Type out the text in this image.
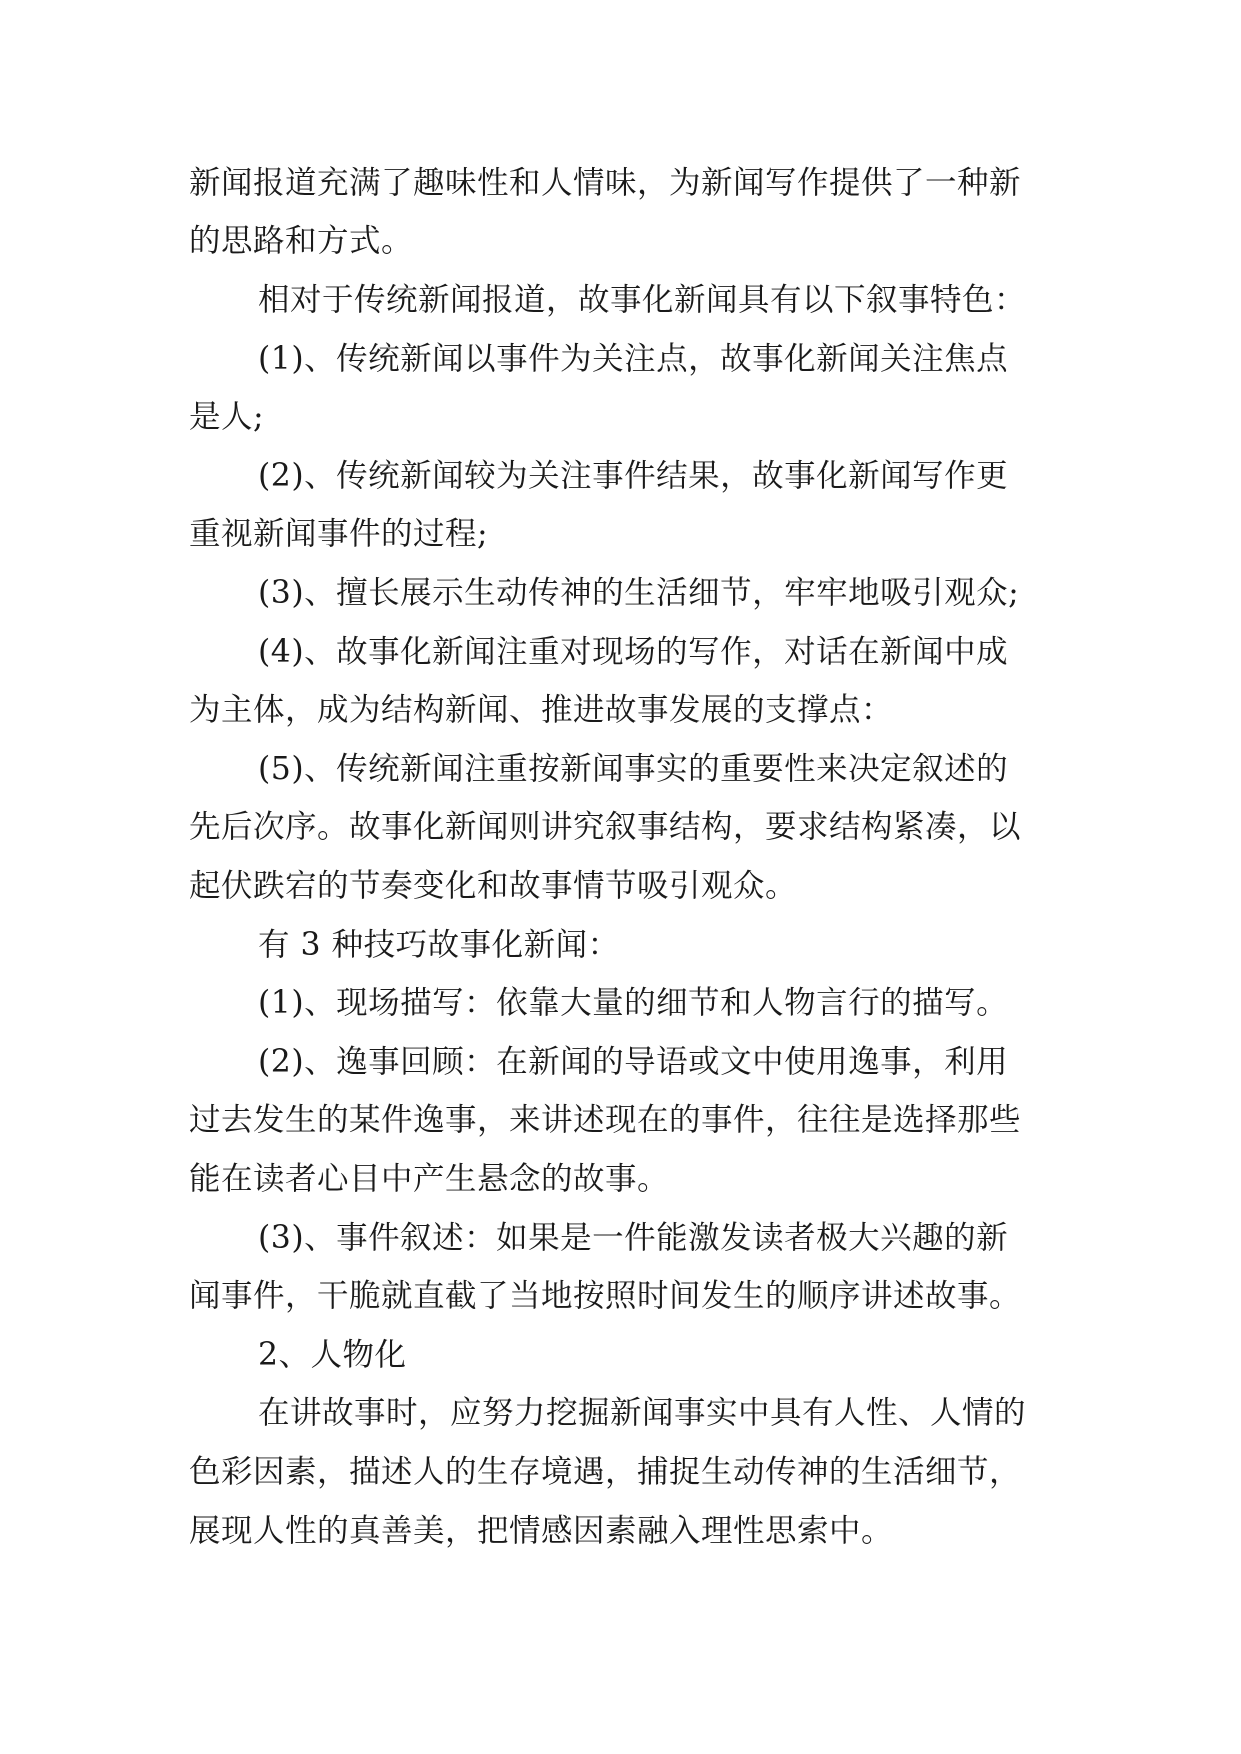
新闻报道充满了趣味性和人情味，为新闻写作提供了一种新
的思路和方式。
相对于传统新闻报道，故事化新闻具有以下叙事特色：
(1)、传统新闻以事件为关注点，故事化新闻关注焦点
是人;
(2)、传统新闻较为关注事件结果，故事化新闻写作更
重视新闻事件的过程;
(3)、擅长展示生动传神的生活细节，牢牢地吸引观众;
(4)、故事化新闻注重对现场的写作，对话在新闻中成
为主体，成为结构新闻、推进故事发展的支撑点：
(5)、传统新闻注重按新闻事实的重要性来决定叙述的
先后次序。故事化新闻则讲究叙事结构，要求结构紧凑，以
起伏跌宕的节奏变化和故事情节吸引观众。
有 3 种技巧故事化新闻：
(1)、现场描写：依靠大量的细节和人物言行的描写。
(2)、逸事回顾：在新闻的导语或文中使用逸事，利用
过去发生的某件逸事，来讲述现在的事件，往往是选择那些
能在读者心目中产生悬念的故事。
(3)、事件叙述：如果是一件能激发读者极大兴趣的新
闻事件，干脆就直截了当地按照时间发生的顺序讲述故事。
2、人物化
在讲故事时，应努力挖掘新闻事实中具有人性、人情的
色彩因素，描述人的生存境遇，捕捉生动传神的生活细节，
展现人性的真善美，把情感因素融入理性思索中。
